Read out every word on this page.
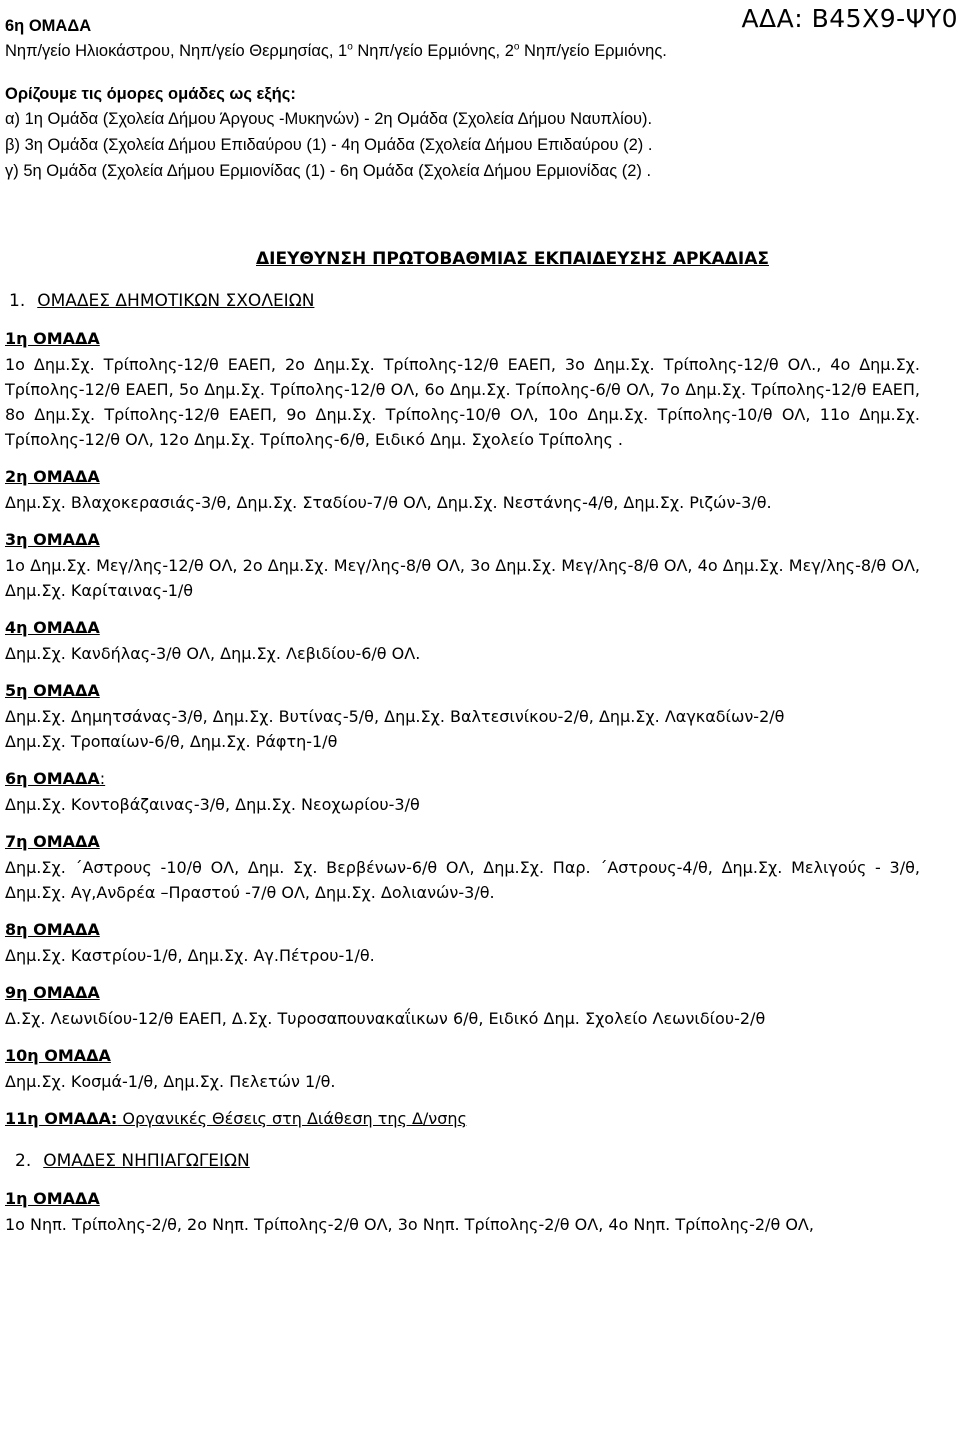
ΑΔΑ: Β45Χ9-ΨΥ0
6η ΟΜΑΔΑ
Νηπ/γείο Ηλιοκάστρου, Νηπ/γείο Θερμησίας, $1^o$ Νηπ/γείο Ερμιόνης, $2^o$ Νηπ/γείο Ερμιόνης.
Ορίζουμε τις όμορες ομάδες ως εξής:
α) 1η Ομάδα (Σχολεία Δήμου Άργους -Μυκηνών) - 2η Ομάδα (Σχολεία Δήμου Ναυπλίου).
β) 3η Ομάδα (Σχολεία Δήμου Επιδαύρου (1) - 4η Ομάδα (Σχολεία Δήμου Επιδαύρου (2) .
γ) 5η Ομάδα (Σχολεία Δήμου Ερμιονίδας (1) - 6η Ομάδα (Σχολεία Δήμου Ερμιονίδας (2) .
ΔΙΕΥΘΥΝΣΗ ΠΡΩΤΟΒΑΘΜΙΑΣ ΕΚΠΑΙΔΕΥΣΗΣ ΑΡΚΑΔΙΑΣ
1. ΟΜΑΔΕΣ ΔΗΜΟΤΙΚΩΝ ΣΧΟΛΕΙΩΝ
1η ΟΜΑΔΑ
1ο Δημ.Σχ. Τρίπολης-12/θ ΕΑΕΠ, 2ο Δημ.Σχ. Τρίπολης-12/θ ΕΑΕΠ, 3ο Δημ.Σχ. Τρίπολης-12/θ ΟΛ., 4ο Δημ.Σχ. Τρίπολης-12/θ ΕΑΕΠ, 5ο Δημ.Σχ. Τρίπολης-12/θ ΟΛ, 6ο Δημ.Σχ. Τρίπολης-6/θ ΟΛ, 7ο Δημ.Σχ. Τρίπολης-12/θ ΕΑΕΠ, 8ο Δημ.Σχ. Τρίπολης-12/θ ΕΑΕΠ, 9ο Δημ.Σχ. Τρίπολης-10/θ ΟΛ, 10ο Δημ.Σχ. Τρίπολης-10/θ ΟΛ, 11ο Δημ.Σχ. Τρίπολης-12/θ ΟΛ, 12ο Δημ.Σχ. Τρίπολης-6/θ, Ειδικό Δημ. Σχολείο Τρίπολης .
2η ΟΜΑΔΑ
Δημ.Σχ. Βλαχοκερασιάς-3/θ, Δημ.Σχ. Σταδίου-7/θ ΟΛ, Δημ.Σχ. Νεστάνης-4/θ, Δημ.Σχ. Ριζών-3/θ.
3η ΟΜΑΔΑ
1ο Δημ.Σχ. Μεγ/λης-12/θ ΟΛ, 2ο Δημ.Σχ. Μεγ/λης-8/θ ΟΛ, 3ο Δημ.Σχ. Μεγ/λης-8/θ ΟΛ, 4ο Δημ.Σχ. Μεγ/λης-8/θ ΟΛ, Δημ.Σχ. Καρίταινας-1/θ
4η ΟΜΑΔΑ
Δημ.Σχ. Κανδήλας-3/θ ΟΛ, Δημ.Σχ. Λεβιδίου-6/θ ΟΛ.
5η ΟΜΑΔΑ
Δημ.Σχ. Δημητσάνας-3/θ, Δημ.Σχ. Βυτίνας-5/θ, Δημ.Σχ. Βαλτεσινίκου-2/θ, Δημ.Σχ. Λαγκαδίων-2/θ
Δημ.Σχ. Τροπαίων-6/θ, Δημ.Σχ. Ράφτη-1/θ
6η ΟΜΑΔΑ:
Δημ.Σχ. Κοντοβάζαινας-3/θ, Δημ.Σχ. Νεοχωρίου-3/θ
7η ΟΜΑΔΑ
Δημ.Σχ. ΄Αστρους -10/θ ΟΛ, Δημ. Σχ. Βερβένων-6/θ ΟΛ, Δημ.Σχ. Παρ. ΄Αστρους-4/θ, Δημ.Σχ. Μελιγούς - 3/θ, Δημ.Σχ. Αγ,Ανδρέα –Πραστού -7/θ ΟΛ, Δημ.Σχ. Δολιανών-3/θ.
8η ΟΜΑΔΑ
Δημ.Σχ. Καστρίου-1/θ, Δημ.Σχ. Αγ.Πέτρου-1/θ.
9η ΟΜΑΔΑ
Δ.Σχ. Λεωνιδίου-12/θ ΕΑΕΠ, Δ.Σχ. Τυροσαπουνακαΐικων 6/θ, Ειδικό Δημ. Σχολείο Λεωνιδίου-2/θ
10η ΟΜΑΔΑ
Δημ.Σχ. Κοσμά-1/θ, Δημ.Σχ. Πελετών 1/θ.
11η ΟΜΑΔΑ: Οργανικές Θέσεις στη Διάθεση της Δ/νσης
2. ΟΜΑΔΕΣ ΝΗΠΙΑΓΩΓΕΙΩΝ
1η ΟΜΑΔΑ
1ο Νηπ. Τρίπολης-2/θ, 2ο Νηπ. Τρίπολης-2/θ ΟΛ, 3ο Νηπ. Τρίπολης-2/θ ΟΛ, 4ο Νηπ. Τρίπολης-2/θ ΟΛ,
